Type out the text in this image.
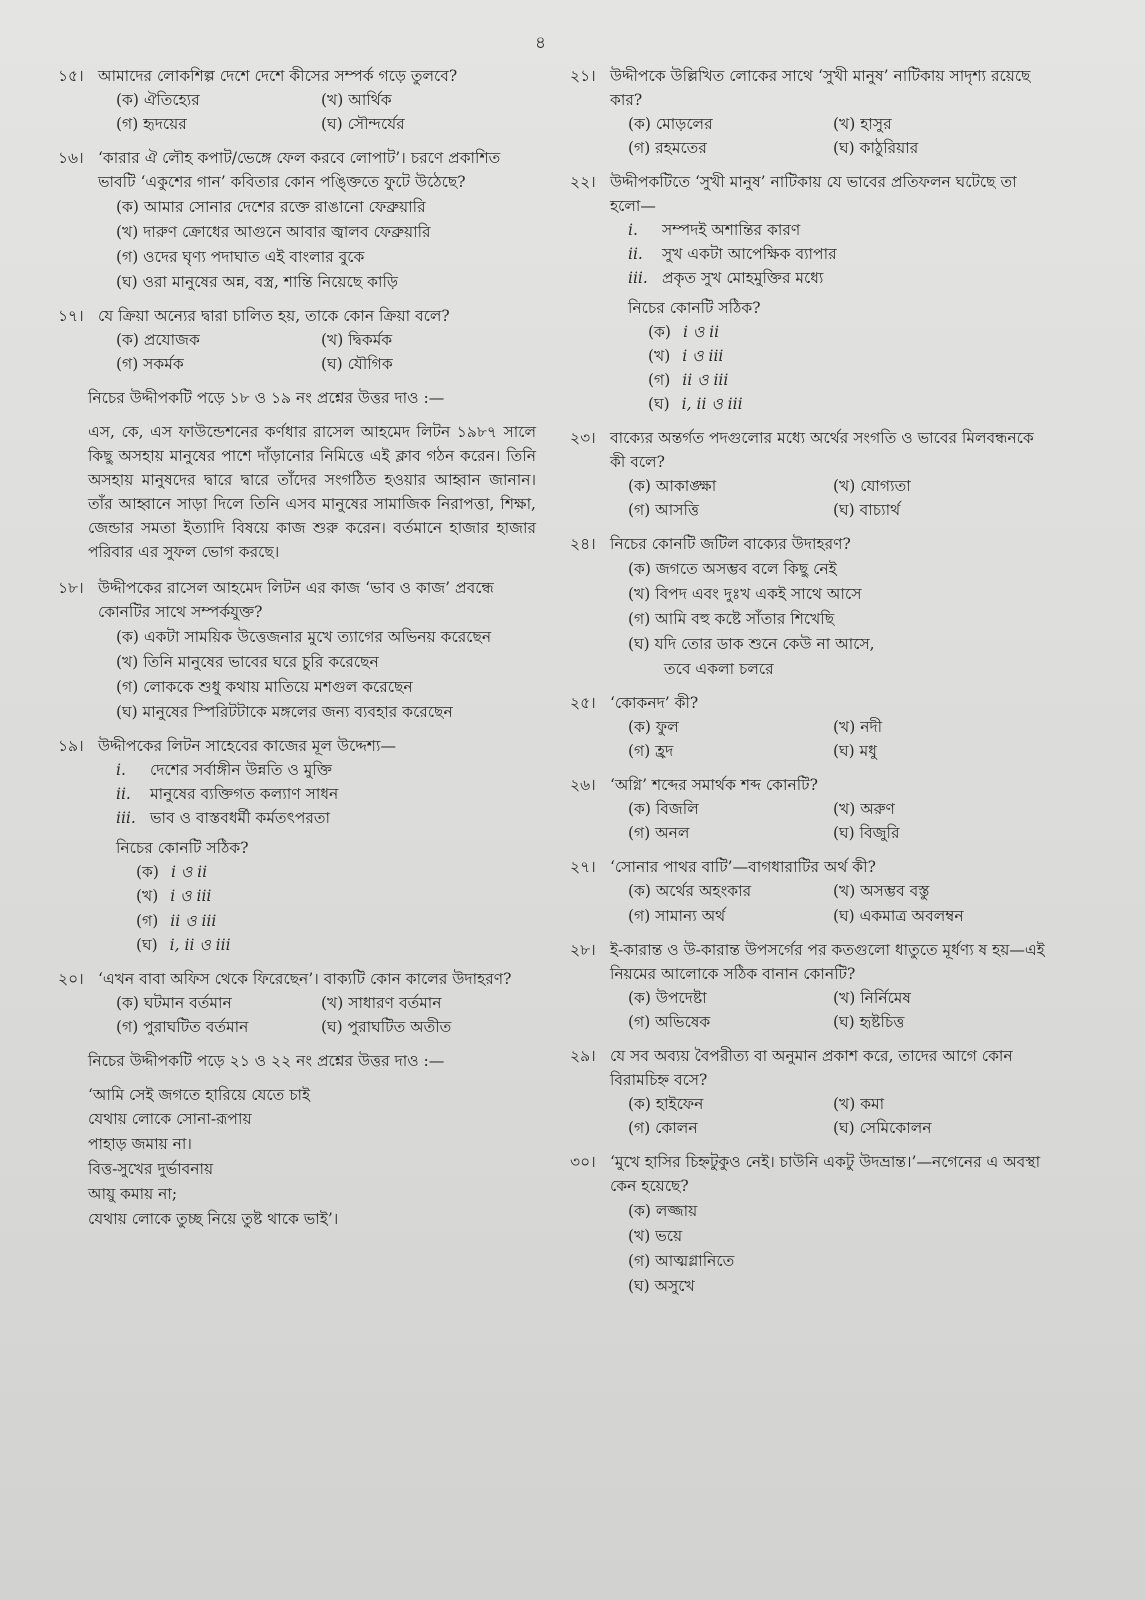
৪
১৫। আমাদের লোকশিল্প দেশে দেশে কীসের সম্পর্ক গড়ে তুলবে?
(ক) ঐতিহ্যের	(খ) আর্থিক
(গ) হৃদয়ের	(ঘ) সৌন্দর্যের
১৬। ‘কারার ঐ লৌহ কপাট/ভেঙ্গে ফেল করবে লোপাট’। চরণে প্রকাশিত ভাবটি ‘একুশের গান’ কবিতার কোন পঙ্ক্তিতে ফুটে উঠেছে?
(ক) আমার সোনার দেশের রক্তে রাঙানো ফেব্রুয়ারি
(খ) দারুণ ক্রোধের আগুনে আবার জ্বালব ফেব্রুয়ারি
(গ) ওদের ঘৃণ্য পদাঘাত এই বাংলার বুকে
(ঘ) ওরা মানুষের অন্ন, বস্ত্র, শান্তি নিয়েছে কাড়ি
১৭। যে ক্রিয়া অন্যের দ্বারা চালিত হয়, তাকে কোন ক্রিয়া বলে?
(ক) প্রযোজক	(খ) দ্বিকর্মক
(গ) সকর্মক	(ঘ) যৌগিক
নিচের উদ্দীপকটি পড়ে ১৮ ও ১৯ নং প্রশ্নের উত্তর দাও :—
এস, কে, এস ফাউন্ডেশনের কর্ণধার রাসেল আহমেদ লিটন ১৯৮৭ সালে কিছু অসহায় মানুষের পাশে দাঁড়ানোর নিমিত্তে এই ক্লাব গঠন করেন। তিনি অসহায় মানুষদের দ্বারে দ্বারে তাঁদের সংগঠিত হওয়ার আহ্বান জানান। তাঁর আহ্বানে সাড়া দিলে তিনি এসব মানুষের সামাজিক নিরাপত্তা, শিক্ষা, জেন্ডার সমতা ইত্যাদি বিষয়ে কাজ শুরু করেন। বর্তমানে হাজার হাজার পরিবার এর সুফল ভোগ করছে।
১৮। উদ্দীপকের রাসেল আহমেদ লিটন এর কাজ ‘ভাব ও কাজ’ প্রবন্ধে কোনটির সাথে সম্পর্কযুক্ত?
(ক) একটা সাময়িক উত্তেজনার মুখে ত্যাগের অভিনয় করেছেন
(খ) তিনি মানুষের ভাবের ঘরে চুরি করেছেন
(গ) লোককে শুধু কথায় মাতিয়ে মশগুল করেছেন
(ঘ) মানুষের স্পিরিটটাকে মঙ্গলের জন্য ব্যবহার করেছেন
১৯। উদ্দীপকের লিটন সাহেবের কাজের মূল উদ্দেশ্য—
i.	দেশের সর্বাঙ্গীন উন্নতি ও মুক্তি
ii.	মানুষের ব্যক্তিগত কল্যাণ সাধন
iii. ভাব ও বাস্তবধর্মী কর্মতৎপরতা
নিচের কোনটি সঠিক?
(ক) i ও ii
(খ) i ও iii
(গ) ii ও iii
(ঘ) i, ii ও iii
২০। ‘এখন বাবা অফিস থেকে ফিরেছেন’। বাক্যটি কোন কালের উদাহরণ?
(ক) ঘটমান বর্তমান	(খ) সাধারণ বর্তমান
(গ) পুরাঘটিত বর্তমান	(ঘ) পুরাঘটিত অতীত
নিচের উদ্দীপকটি পড়ে ২১ ও ২২ নং প্রশ্নের উত্তর দাও :—
‘আমি সেই জগতে হারিয়ে যেতে চাই
যেথায় লোকে সোনা-রূপায়
পাহাড় জমায় না।
বিত্ত-সুখের দুর্ভাবনায়
আয়ু কমায় না;
যেথায় লোকে তুচ্ছ নিয়ে তুষ্ট থাকে ভাই’।
২১। উদ্দীপকে উল্লিখিত লোকের সাথে ‘সুখী মানুষ’ নাটিকায় সাদৃশ্য রয়েছে কার?
(ক) মোড়লের	(খ) হাসুর
(গ) রহমতের	(ঘ) কাঠুরিয়ার
২২। উদ্দীপকটিতে ‘সুখী মানুষ’ নাটিকায় যে ভাবের প্রতিফলন ঘটেছে তা হলো—
i.	সম্পদই অশান্তির কারণ
ii.	সুখ একটা আপেক্ষিক ব্যাপার
iii. প্রকৃত সুখ মোহমুক্তির মধ্যে
নিচের কোনটি সঠিক?
(ক) i ও ii
(খ) i ও iii
(গ) ii ও iii
(ঘ) i, ii ও iii
২৩। বাক্যের অন্তর্গত পদগুলোর মধ্যে অর্থের সংগতি ও ভাবের মিলবন্ধনকে কী বলে?
(ক) আকাঙ্ক্ষা	(খ) যোগ্যতা
(গ) আসত্তি	(ঘ) বাচ্যার্থ
২৪। নিচের কোনটি জটিল বাক্যের উদাহরণ?
(ক) জগতে অসম্ভব বলে কিছু নেই
(খ) বিপদ এবং দুঃখ একই সাথে আসে
(গ) আমি বহু কষ্টে সাঁতার শিখেছি
(ঘ) যদি তোর ডাক শুনে কেউ না আসে,
তবে একলা চলরে
২৫। ‘কোকনদ’ কী?
(ক) ফুল	(খ) নদী
(গ) হ্রদ	(ঘ) মধু
২৬। ‘অগ্নি’ শব্দের সমার্থক শব্দ কোনটি?
(ক) বিজলি	(খ) অরুণ
(গ) অনল	(ঘ) বিজুরি
২৭। ‘সোনার পাথর বাটি’—বাগধারাটির অর্থ কী?
(ক) অর্থের অহংকার	(খ) অসম্ভব বস্তু
(গ) সামান্য অর্থ	(ঘ) একমাত্র অবলম্বন
২৮। ই-কারান্ত ও উ-কারান্ত উপসর্গের পর কতগুলো ধাতুতে মূর্ধণ্য ষ হয়—এই নিয়মের আলোকে সঠিক বানান কোনটি?
(ক) উপদেষ্টা	(খ) নির্নিমেষ
(গ) অভিষেক	(ঘ) হৃষ্টচিত্ত
২৯। যে সব অব্যয় বৈপরীত্য বা অনুমান প্রকাশ করে, তাদের আগে কোন বিরামচিহ্ন বসে?
(ক) হাইফেন	(খ) কমা
(গ) কোলন	(ঘ) সেমিকোলন
৩০। ‘মুখে হাসির চিহ্নটুকুও নেই। চাউনি একটু উদভ্রান্ত।’—নগেনের এ অবস্থা কেন হয়েছে?
(ক) লজ্জায়
(খ) ভয়ে
(গ) আত্মগ্লানিতে
(ঘ) অসুখে
